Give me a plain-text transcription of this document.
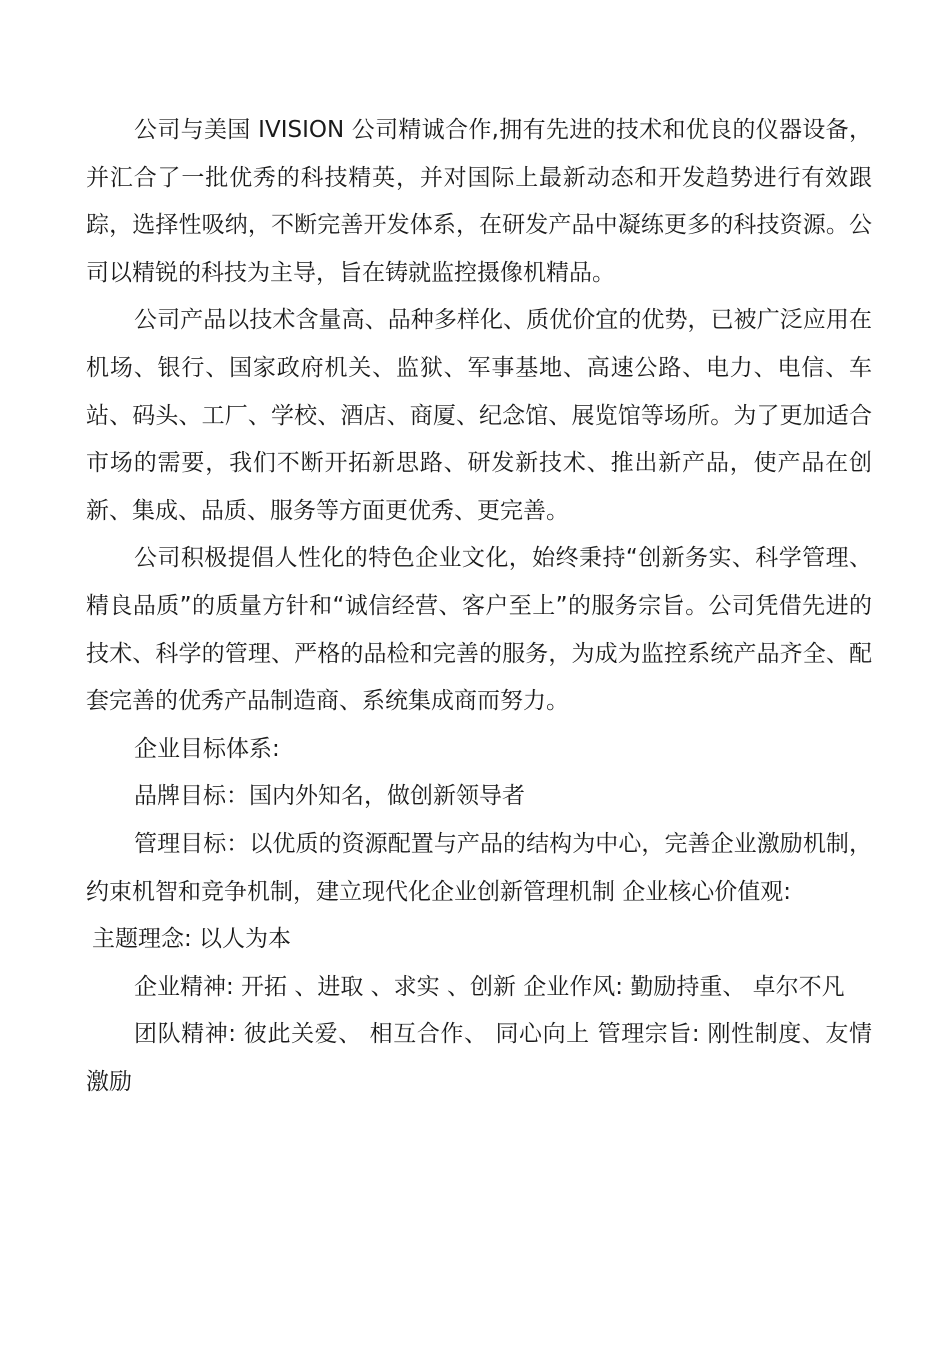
公司与美国 IVISION 公司精诚合作,拥有先进的技术和优良的仪器设备，并汇合了一批优秀的科技精英，并对国际上最新动态和开发趋势进行有效跟踪，选择性吸纳，不断完善开发体系，在研发产品中凝练更多的科技资源。公司以精锐的科技为主导，旨在铸就监控摄像机精品。

公司产品以技术含量高、品种多样化、质优价宜的优势，已被广泛应用在机场、银行、国家政府机关、监狱、军事基地、高速公路、电力、电信、车站、码头、工厂、学校、酒店、商厦、纪念馆、展览馆等场所。为了更加适合市场的需要，我们不断开拓新思路、研发新技术、推出新产品，使产品在创新、集成、品质、服务等方面更优秀、更完善。

公司积极提倡人性化的特色企业文化，始终秉持“创新务实、科学管理、精良品质”的质量方针和“诚信经营、客户至上”的服务宗旨。公司凭借先进的技术、科学的管理、严格的品检和完善的服务，为成为监控系统产品齐全、配套完善的优秀产品制造商、系统集成商而努力。

企业目标体系:

品牌目标：国内外知名，做创新领导者

管理目标：以优质的资源配置与产品的结构为中心，完善企业激励机制，约束机智和竞争机制，建立现代化企业创新管理机制 企业核心价值观:

主题理念: 以人为本

企业精神: 开拓 、进取 、求实 、创新 企业作风: 勤励持重、 卓尔不凡

团队精神: 彼此关爱、 相互合作、 同心向上 管理宗旨: 刚性制度、友情激励
